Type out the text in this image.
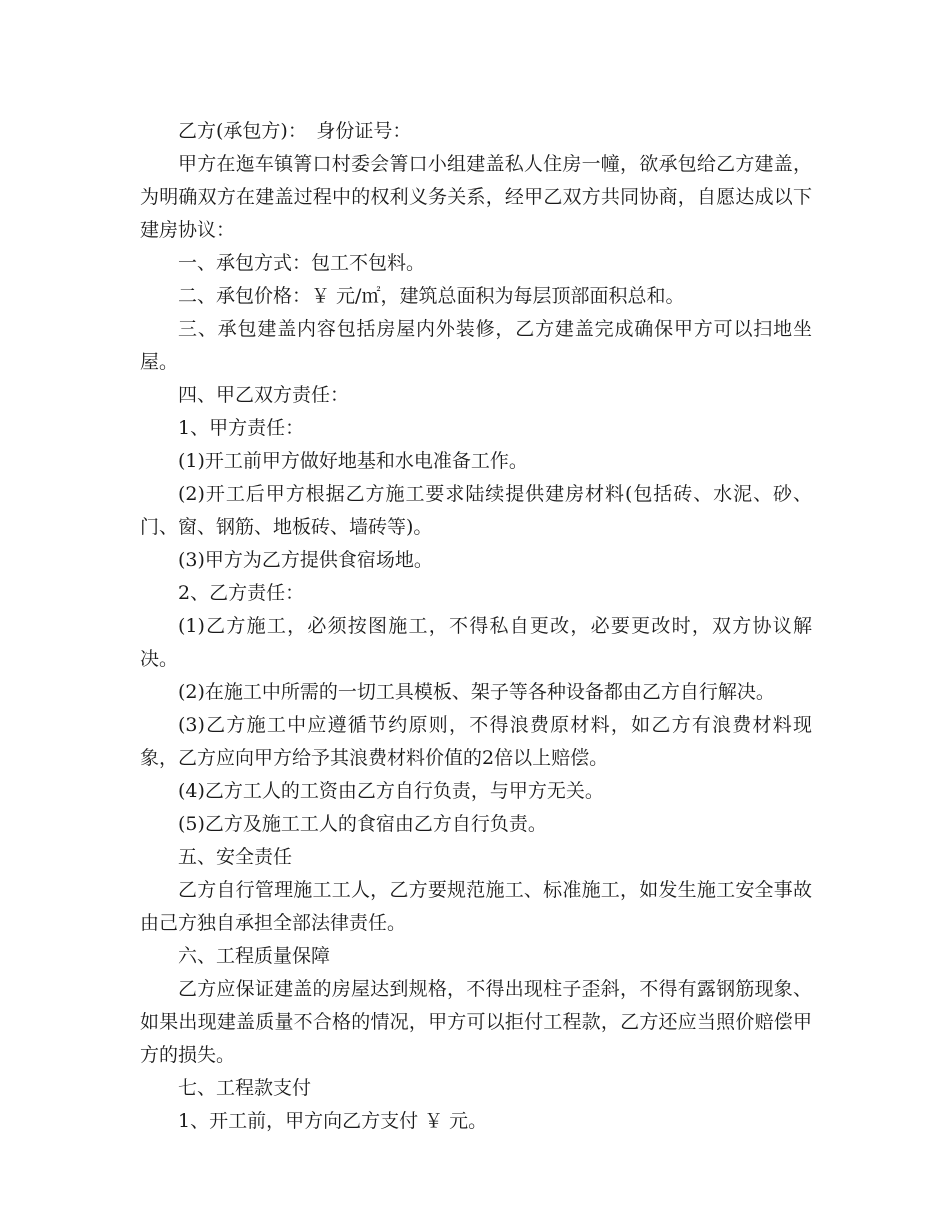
乙方(承包方)：　身份证号：

甲方在迤车镇箐口村委会箐口小组建盖私人住房一幢，欲承包给乙方建盖，为明确双方在建盖过程中的权利义务关系，经甲乙双方共同协商，自愿达成以下建房协议：

一、承包方式：包工不包料。

二、承包价格：￥ 元/㎡，建筑总面积为每层顶部面积总和。

三、承包建盖内容包括房屋内外装修，乙方建盖完成确保甲方可以扫地坐屋。

四、甲乙双方责任：

1、甲方责任：

(1)开工前甲方做好地基和水电准备工作。

(2)开工后甲方根据乙方施工要求陆续提供建房材料(包括砖、水泥、砂、门、窗、钢筋、地板砖、墙砖等)。

(3)甲方为乙方提供食宿场地。

2、乙方责任：

(1)乙方施工，必须按图施工，不得私自更改，必要更改时，双方协议解决。

(2)在施工中所需的一切工具模板、架子等各种设备都由乙方自行解决。

(3)乙方施工中应遵循节约原则，不得浪费原材料，如乙方有浪费材料现象，乙方应向甲方给予其浪费材料价值的2倍以上赔偿。

(4)乙方工人的工资由乙方自行负责，与甲方无关。

(5)乙方及施工工人的食宿由乙方自行负责。

五、安全责任

乙方自行管理施工工人，乙方要规范施工、标准施工，如发生施工安全事故由己方独自承担全部法律责任。

六、工程质量保障

乙方应保证建盖的房屋达到规格，不得出现柱子歪斜，不得有露钢筋现象、如果出现建盖质量不合格的情况，甲方可以拒付工程款，乙方还应当照价赔偿甲方的损失。

七、工程款支付

1、开工前，甲方向乙方支付 ￥ 元。
